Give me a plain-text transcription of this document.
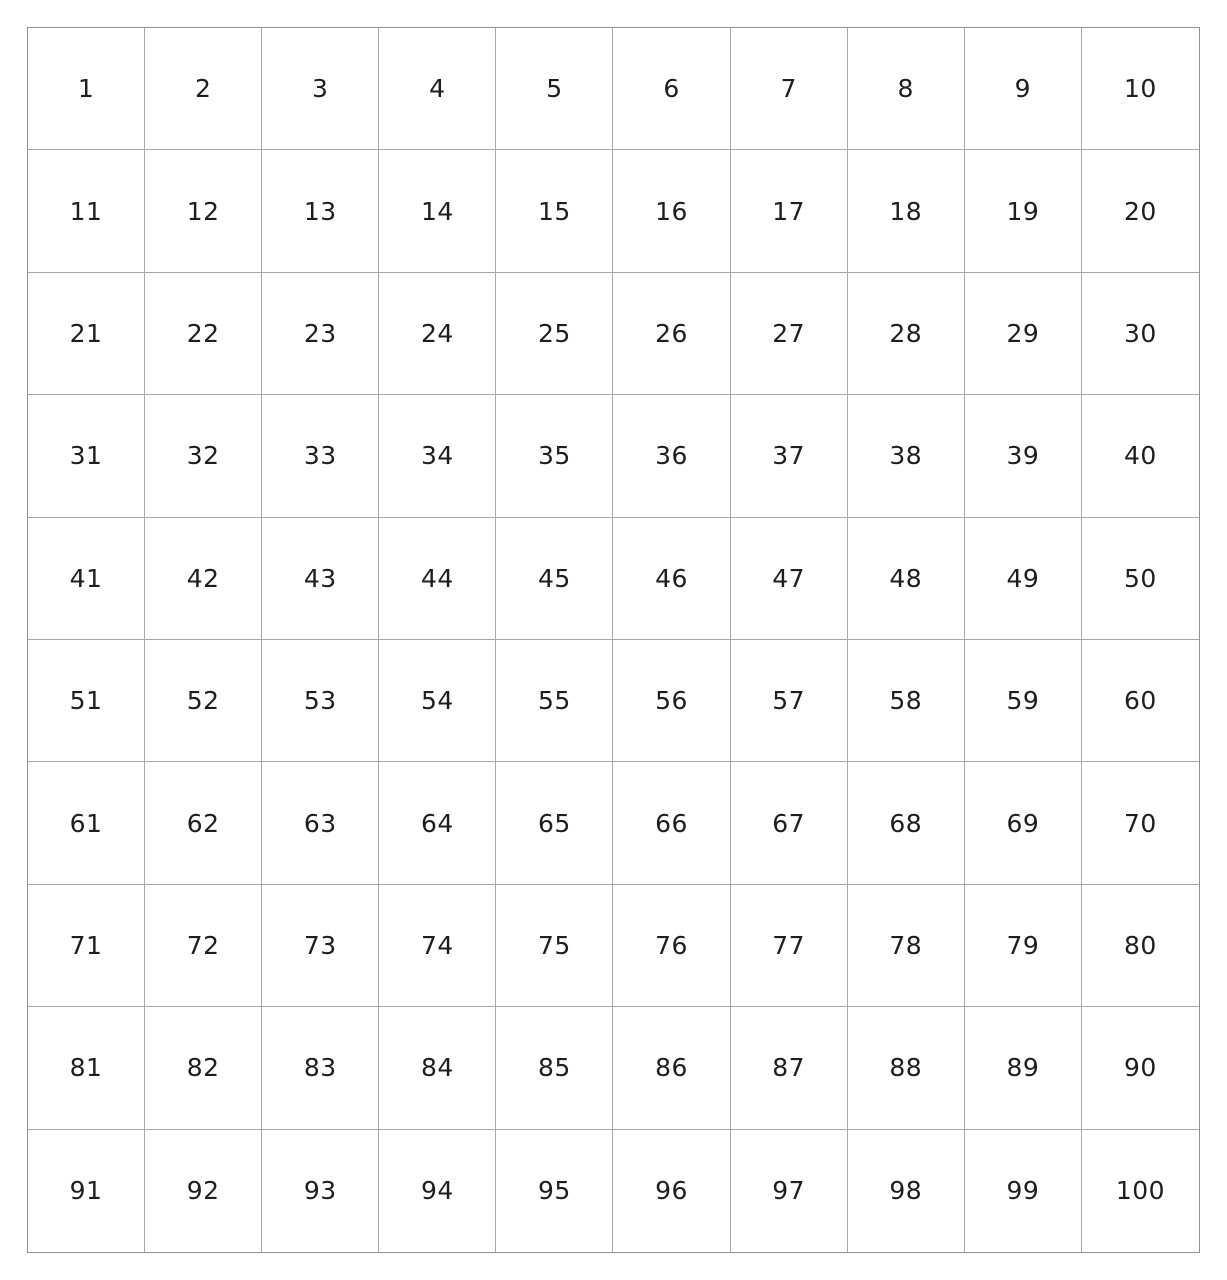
1	2	3	4	5	6	7	8	9	10
11	12	13	14	15	16	17	18	19	20
21	22	23	24	25	26	27	28	29	30
31	32	33	34	35	36	37	38	39	40
41	42	43	44	45	46	47	48	49	50
51	52	53	54	55	56	57	58	59	60
61	62	63	64	65	66	67	68	69	70
71	72	73	74	75	76	77	78	79	80
81	82	83	84	85	86	87	88	89	90
91	92	93	94	95	96	97	98	99	100
